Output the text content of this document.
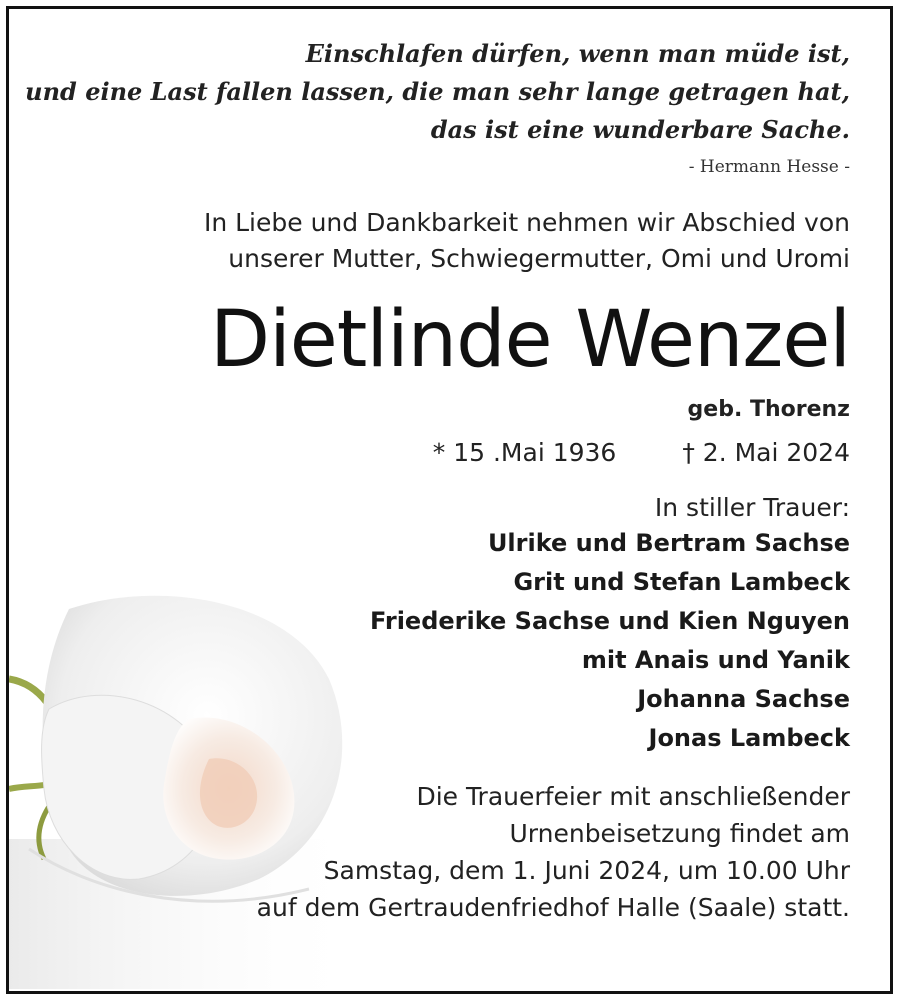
Einschlafen dürfen, wenn man müde ist,
und eine Last fallen lassen, die man sehr lange getragen hat,
das ist eine wunderbare Sache.
- Hermann Hesse -
In Liebe und Dankbarkeit nehmen wir Abschied von
unserer Mutter, Schwiegermutter, Omi und Uromi
Dietlinde Wenzel
geb. Thorenz
* 15 .Mai 1936	† 2. Mai 2024
In stiller Trauer:
Ulrike und Bertram Sachse
Grit und Stefan Lambeck
Friederike Sachse und Kien Nguyen
mit Anais und Yanik
Johanna Sachse
Jonas Lambeck
Die Trauerfeier mit anschließender
Urnenbeisetzung findet am
Samstag, dem 1. Juni 2024, um 10.00 Uhr
auf dem Gertraudenfriedhof Halle (Saale) statt.
